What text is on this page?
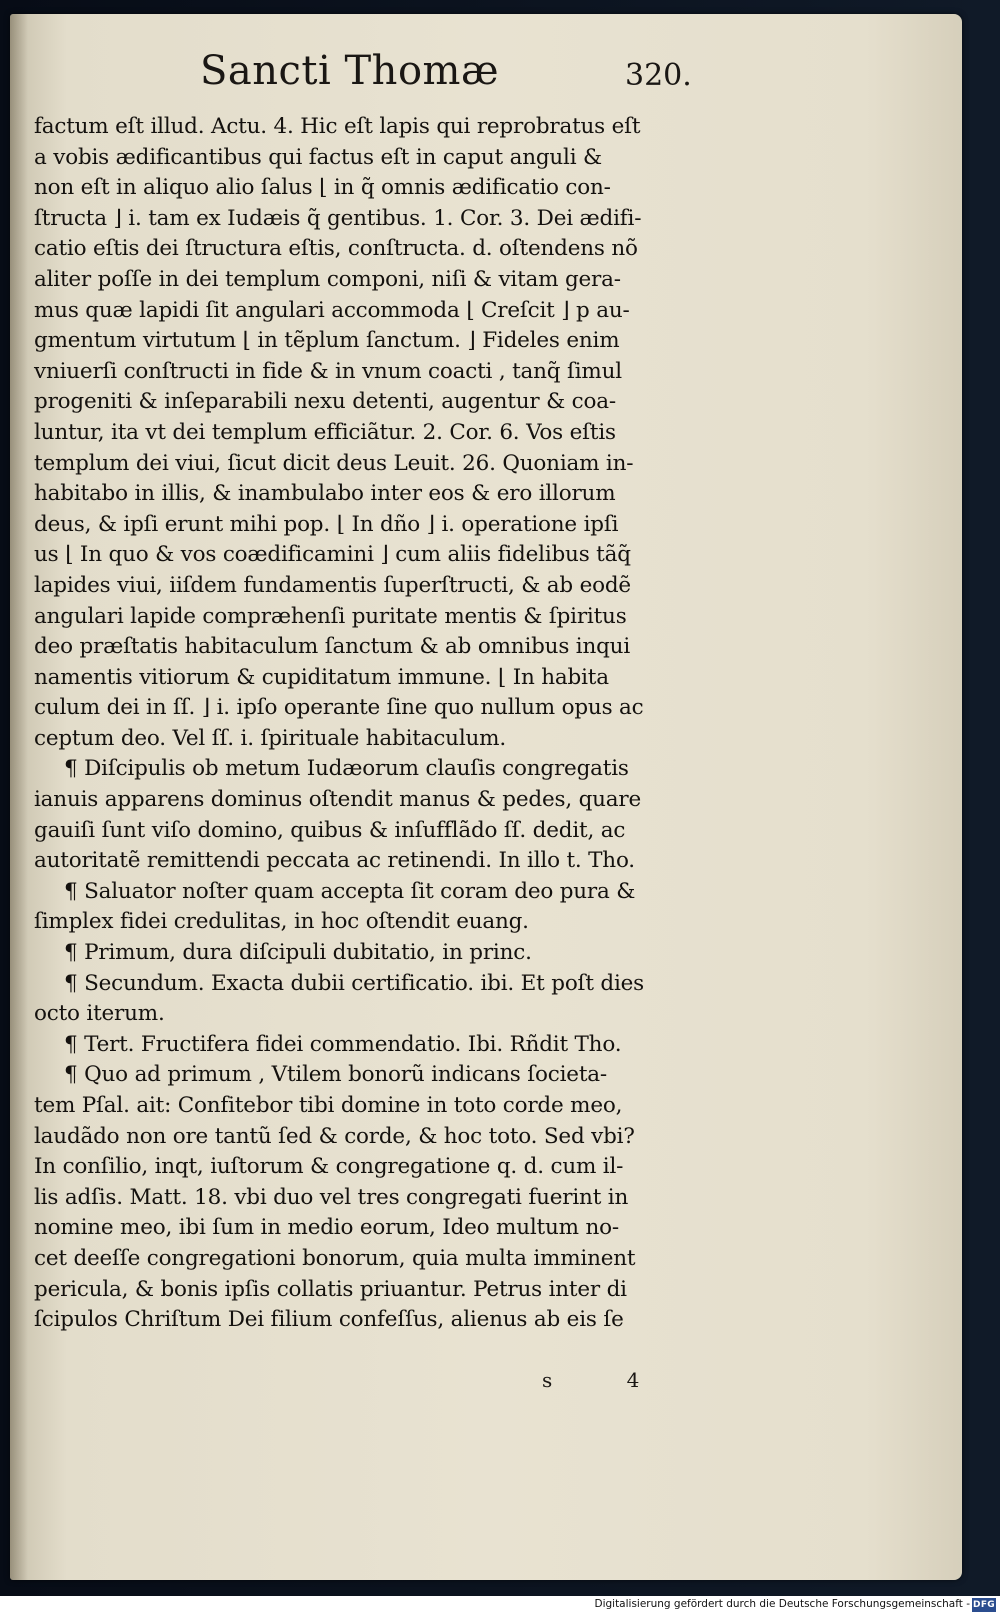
Sancti Thomæ	320.
factum eſt illud. Actu. 4. Hic eſt lapis qui reprobratus eſt
a vobis ædificantibus qui factus eſt in caput anguli &
non eſt in aliquo alio ſalus ⌊ in q̃ omnis ædificatio con-
ſtructa ⌋ i. tam ex Iudæis q̃ gentibus. 1. Cor. 3. Dei ædifi-
catio eſtis dei ſtructura eſtis, conſtructa. d. oſtendens nõ
aliter poſſe in dei templum componi, niſi & vitam gera-
mus quæ lapidi ſit angulari accommoda ⌊ Creſcit ⌋ p au-
gmentum virtutum ⌊ in tẽplum ſanctum. ⌋ Fideles enim
vniuerſi conſtructi in fide & in vnum coacti , tanq̃ ſimul
progeniti & inſeparabili nexu detenti, augentur & coa-
luntur, ita vt dei templum efficiãtur. 2. Cor. 6. Vos eſtis
templum dei viui, ſicut dicit deus Leuit. 26. Quoniam in-
habitabo in illis, & inambulabo inter eos & ero illorum
deus, & ipſi erunt mihi pop. ⌊ In dño ⌋ i. operatione ipſi
us ⌊ In quo & vos coædificamini ⌋ cum aliis fidelibus tãq̃
lapides viui, iiſdem fundamentis ſuperſtructi, & ab eodẽ
angulari lapide compræhenſi puritate mentis & ſpiritus
deo præſtatis habitaculum ſanctum & ab omnibus inqui
namentis vitiorum & cupiditatum immune. ⌊ In habita
culum dei in ſſ. ⌋ i. ipſo operante ſine quo nullum opus ac
ceptum deo. Vel ſſ. i. ſpirituale habitaculum.
¶ Diſcipulis ob metum Iudæorum clauſis congregatis
ianuis apparens dominus oſtendit manus & pedes, quare
gauiſi ſunt viſo domino, quibus & inſufflãdo ſſ. dedit, ac
autoritatẽ remittendi peccata ac retinendi. In illo t. Tho.
¶ Saluator noſter quam accepta ſit coram deo pura &
ſimplex fidei credulitas, in hoc oſtendit euang.
¶ Primum, dura diſcipuli dubitatio, in princ.
¶ Secundum. Exacta dubii certificatio. ibi. Et poſt dies
octo iterum.
¶ Tert. Fructifera fidei commendatio. Ibi. Rñdit Tho.
¶ Quo ad primum , Vtilem bonorũ indicans ſocieta-
tem Pſal. ait: Confitebor tibi domine in toto corde meo,
laudãdo non ore tantũ ſed & corde, & hoc toto. Sed vbi?
In conſilio, inqt, iuſtorum & congregatione q. d. cum il-
lis adſis. Matt. 18. vbi duo vel tres congregati fuerint in
nomine meo, ibi ſum in medio eorum, Ideo multum no-
cet deeſſe congregationi bonorum, quia multa imminent
pericula, & bonis ipſis collatis priuantur. Petrus inter di
ſcipulos Chriſtum Dei filium confeſſus, alienus ab eis ſe
s 4
Digitalisierung gefördert durch die Deutsche Forschungsgemeinschaft - DFG
